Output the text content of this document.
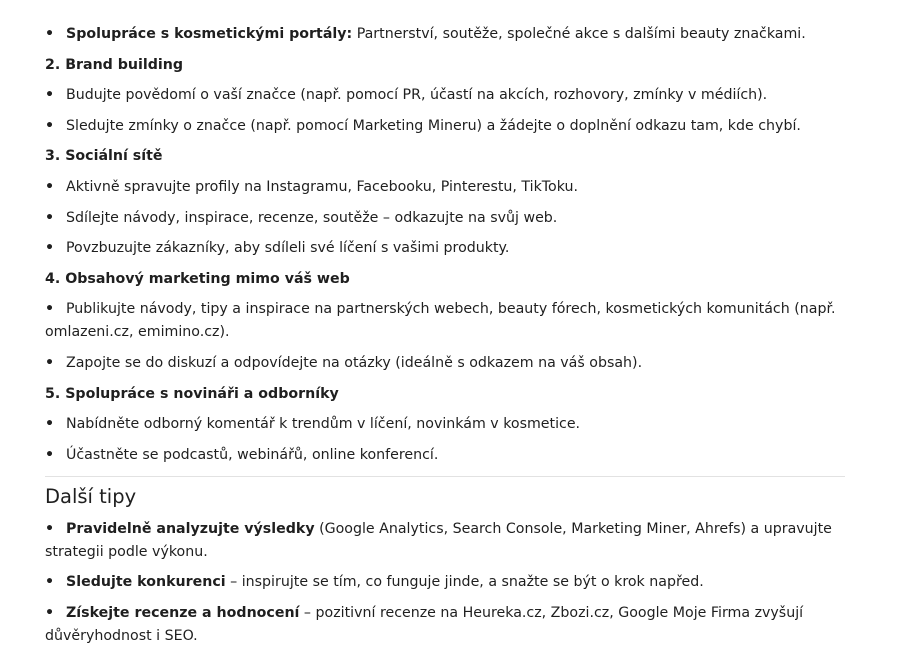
• Spolupráce s kosmetickými portály: Partnerství, soutěže, společné akce s dalšími beauty značkami.
2. Brand building
• Budujte povědomí o vaší značce (např. pomocí PR, účastí na akcích, rozhovory, zmínky v médiích).
• Sledujte zmínky o značce (např. pomocí Marketing Mineru) a žádejte o doplnění odkazu tam, kde chybí.
3. Sociální sítě
• Aktivně spravujte profily na Instagramu, Facebooku, Pinterestu, TikToku.
• Sdílejte návody, inspirace, recenze, soutěže – odkazujte na svůj web.
• Povzbuzujte zákazníky, aby sdíleli své líčení s vašimi produkty.
4. Obsahový marketing mimo váš web
• Publikujte návody, tipy a inspirace na partnerských webech, beauty fórech, kosmetických komunitách (např. omlazeni.cz, emimino.cz).
• Zapojte se do diskuzí a odpovídejte na otázky (ideálně s odkazem na váš obsah).
5. Spolupráce s novináři a odborníky
• Nabídněte odborný komentář k trendům v líčení, novinkám v kosmetice.
• Účastněte se podcastů, webinářů, online konferencí.
Další tipy
• Pravidelně analyzujte výsledky (Google Analytics, Search Console, Marketing Miner, Ahrefs) a upravujte strategii podle výkonu.
• Sledujte konkurenci – inspirujte se tím, co funguje jinde, a snažte se být o krok napřed.
• Získejte recenze a hodnocení – pozitivní recenze na Heureka.cz, Zbozi.cz, Google Moje Firma zvyšují důvěryhodnost i SEO.
